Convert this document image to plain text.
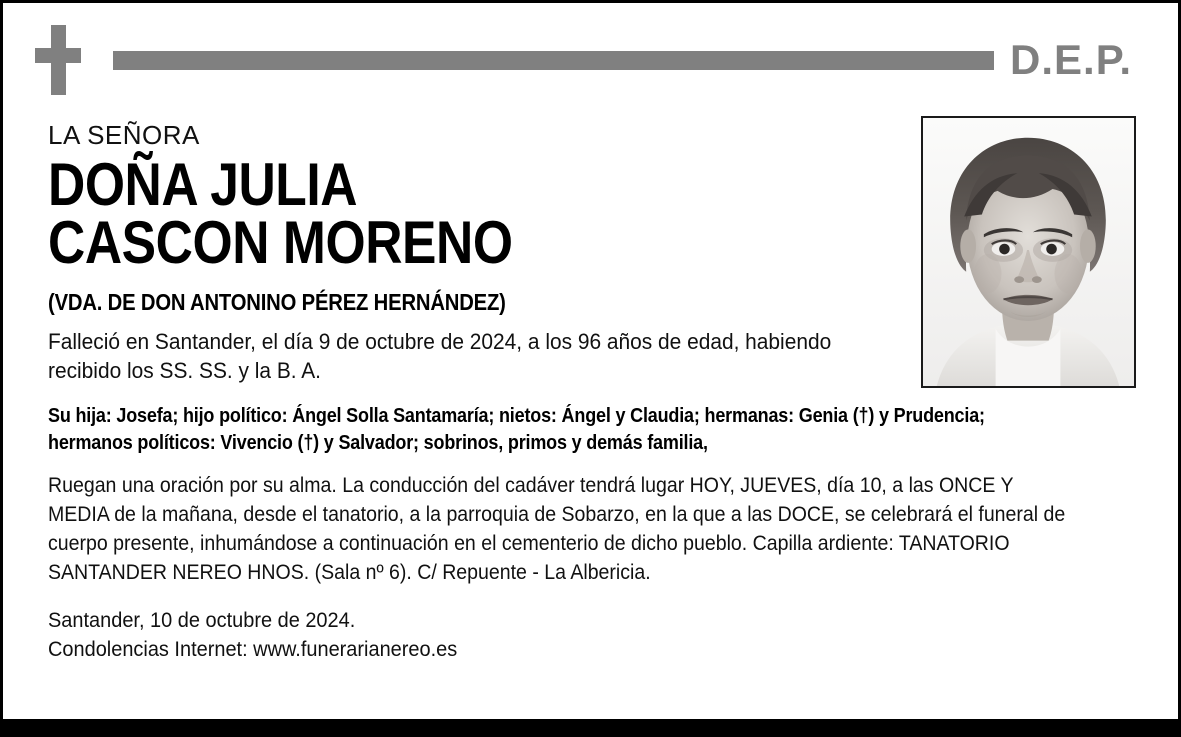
D.E.P.
LA SEÑORA
DOÑA JULIA
CASCON MORENO
(VDA. DE DON ANTONINO PÉREZ HERNÁNDEZ)
Falleció en Santander, el día 9 de octubre de 2024, a los 96 años de edad, habiendo recibido los SS. SS. y la B. A.
Su hija: Josefa; hijo político: Ángel Solla Santamaría; nietos: Ángel y Claudia; hermanas: Genia (†) y Prudencia; hermanos políticos: Vivencio (†) y Salvador; sobrinos, primos y demás familia,
Ruegan una oración por su alma. La conducción del cadáver tendrá lugar HOY, JUEVES, día 10, a las ONCE Y MEDIA de la mañana, desde el tanatorio, a la parroquia de Sobarzo, en la que a las DOCE, se celebrará el funeral de cuerpo presente, inhumándose a continuación en el cementerio de dicho pueblo. Capilla ardiente: TANATORIO SANTANDER NEREO HNOS. (Sala nº 6). C/ Repuente - La Albericia.
Santander, 10 de octubre de 2024.
Condolencias Internet: www.funerarianereo.es
